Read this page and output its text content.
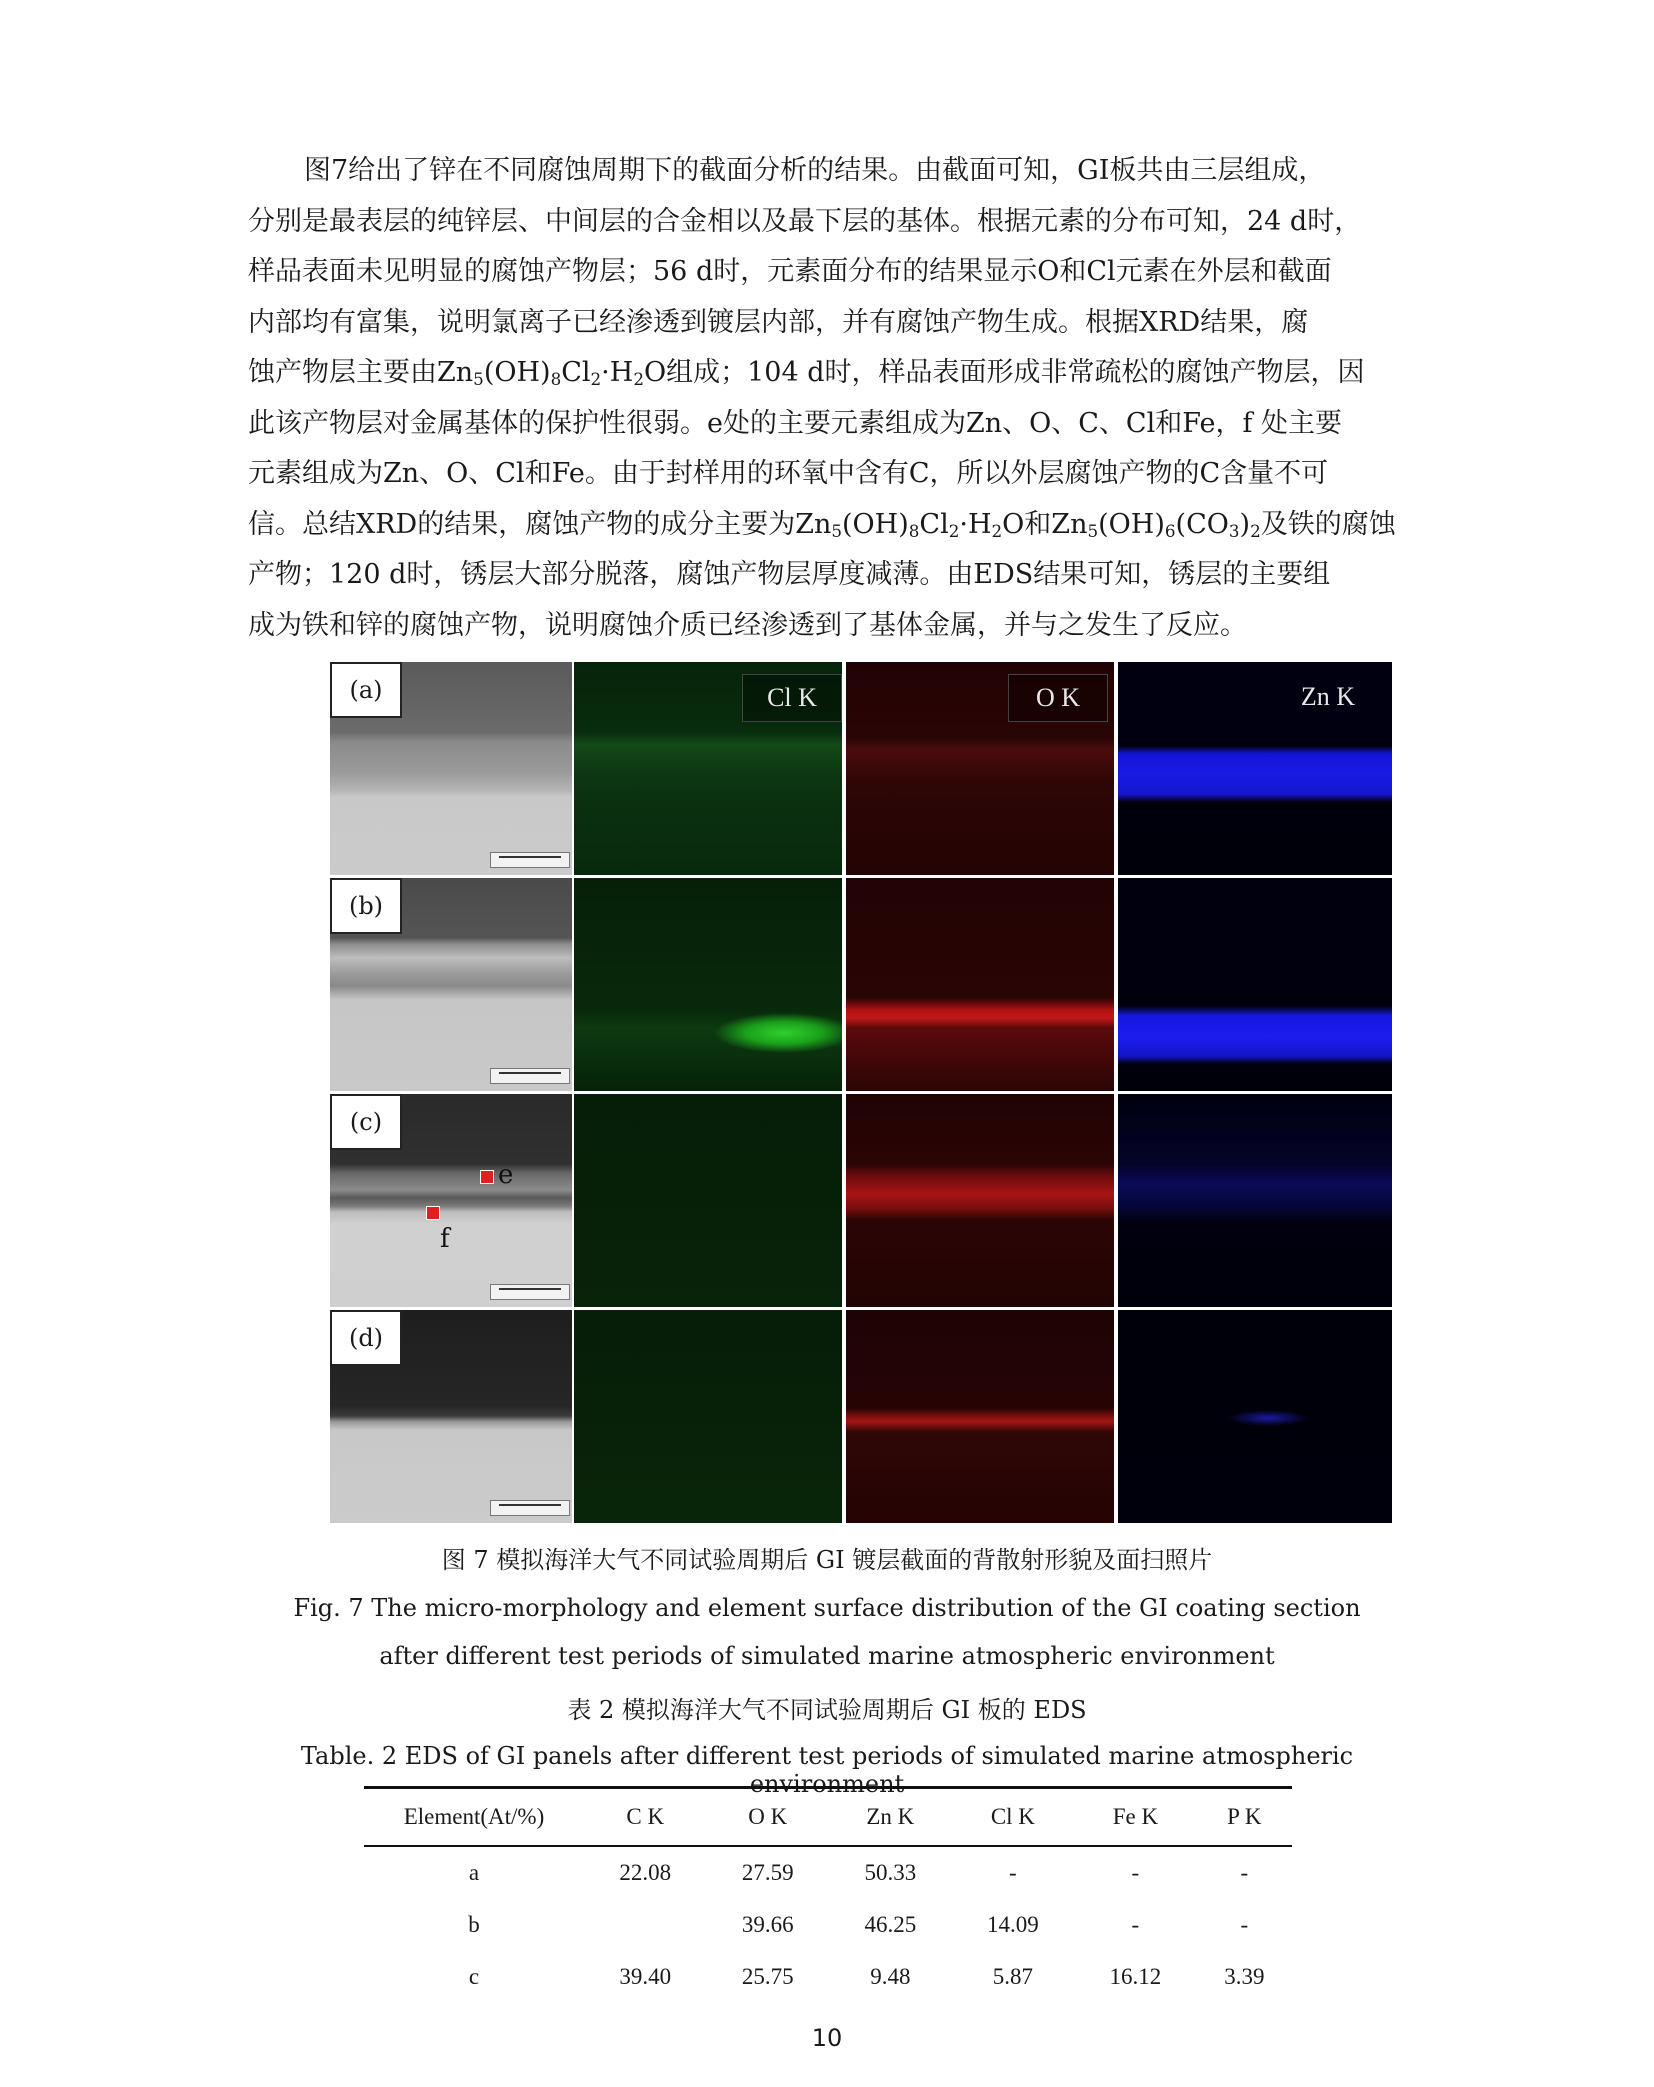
图7给出了锌在不同腐蚀周期下的截面分析的结果。由截面可知，GI板共由三层组成，
分别是最表层的纯锌层、中间层的合金相以及最下层的基体。根据元素的分布可知，24 d时，
样品表面未见明显的腐蚀产物层；56 d时，元素面分布的结果显示O和Cl元素在外层和截面
内部均有富集，说明氯离子已经渗透到镀层内部，并有腐蚀产物生成。根据XRD结果，腐
蚀产物层主要由$Zn_5(OH)_8Cl_2\cdot H_2O$组成；104 d时，样品表面形成非常疏松的腐蚀产物层，因
此该产物层对金属基体的保护性很弱。e处的主要元素组成为Zn、O、C、Cl和Fe，f 处主要
元素组成为Zn、O、Cl和Fe。由于封样用的环氧中含有C，所以外层腐蚀产物的C含量不可
信。总结XRD的结果，腐蚀产物的成分主要为$Zn_5(OH)_8Cl_2\cdot H_2O$和$Zn_5(OH)_6(CO_3)_2$及铁的腐蚀
产物；120 d时，锈层大部分脱落，腐蚀产物层厚度减薄。由EDS结果可知，锈层的主要组
成为铁和锌的腐蚀产物，说明腐蚀介质已经渗透到了基体金属，并与之发生了反应。
(a)	Cl K	O K	Zn K
(b)
(c)
e
f
(d)
图 7 模拟海洋大气不同试验周期后 GI 镀层截面的背散射形貌及面扫照片
Fig. 7 The micro-morphology and element surface distribution of the GI coating section
after different test periods of simulated marine atmospheric environment
表 2 模拟海洋大气不同试验周期后 GI 板的 EDS
Table. 2 EDS of GI panels after different test periods of simulated marine atmospheric environment
Element(At/%)	C K	O K	Zn K	Cl K	Fe K	P K
a	22.08	27.59	50.33	-	-	-
b		39.66	46.25	14.09	-	-
c	39.40	25.75	9.48	5.87	16.12	3.39
10
